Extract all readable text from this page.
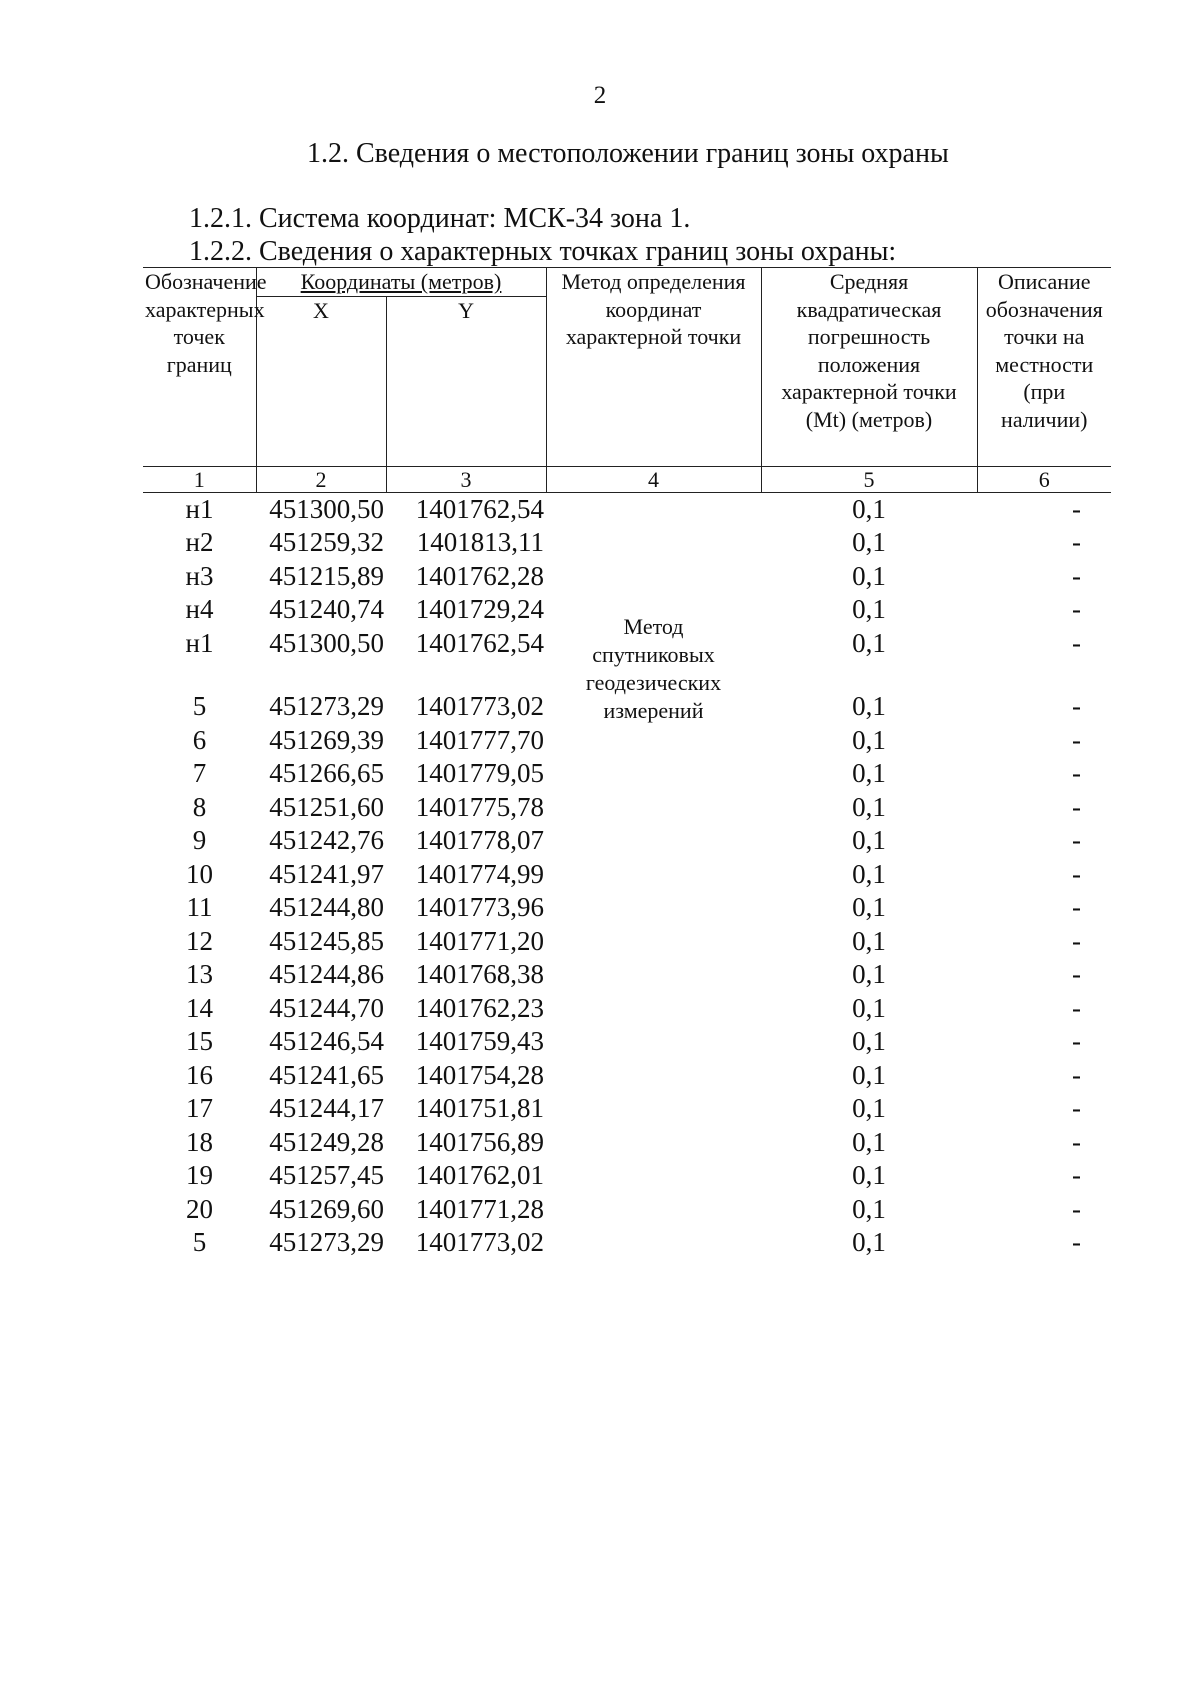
2
1.2. Сведения о местоположении границ зоны охраны
1.2.1. Система координат: МСК-34 зона 1.
1.2.2. Сведения о характерных точках границ зоны охраны:
Обозначение характерных точек границ	Координаты (метров)		Метод определения координат характерной точки	Средняя квадратическая погрешность положения характерной точки (Mt) (метров)	Описание обозначения точки на местности (при наличии)
	X	Y			
1	2	3	4	5	6
н1	451300,50	1401762,54	Метод спутниковых геодезических измерений	0,1	-
н2	451259,32	1401813,11		0,1	-
н3	451215,89	1401762,28		0,1	-
н4	451240,74	1401729,24		0,1	-
н1	451300,50	1401762,54		0,1	-

5	451273,29	1401773,02		0,1	-
6	451269,39	1401777,70		0,1	-
7	451266,65	1401779,05		0,1	-
8	451251,60	1401775,78		0,1	-
9	451242,76	1401778,07		0,1	-
10	451241,97	1401774,99		0,1	-
11	451244,80	1401773,96		0,1	-
12	451245,85	1401771,20		0,1	-
13	451244,86	1401768,38		0,1	-
14	451244,70	1401762,23		0,1	-
15	451246,54	1401759,43		0,1	-
16	451241,65	1401754,28		0,1	-
17	451244,17	1401751,81		0,1	-
18	451249,28	1401756,89		0,1	-
19	451257,45	1401762,01		0,1	-
20	451269,60	1401771,28		0,1	-
5	451273,29	1401773,02		0,1	-
